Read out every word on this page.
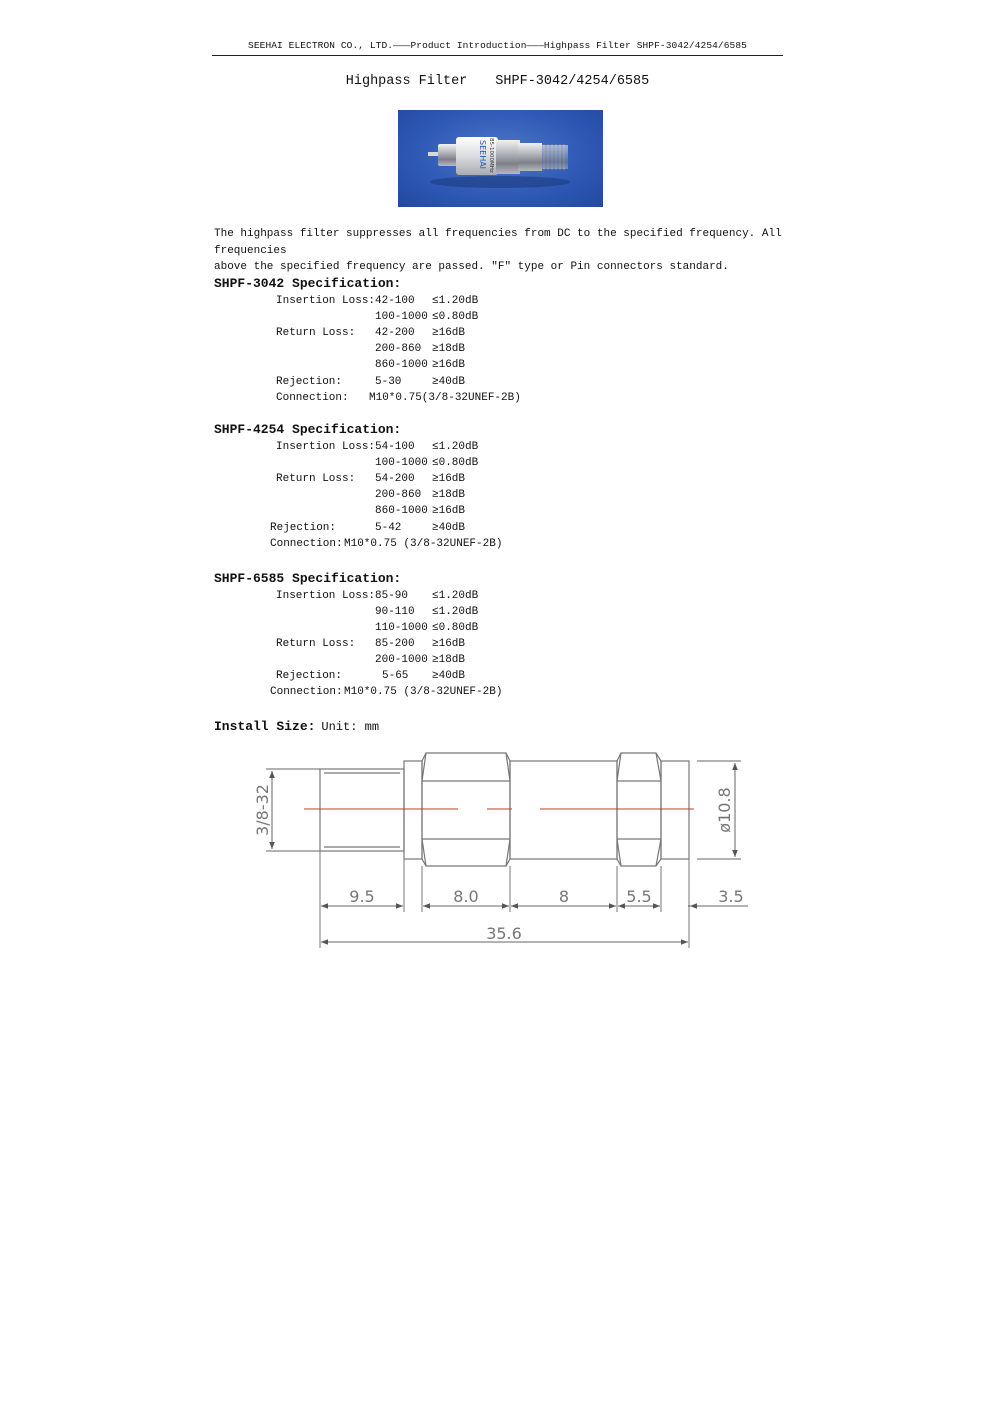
SEEHAI ELECTRON CO., LTD.———Product Introduction———Highpass Filter SHPF-3042/4254/6585
Highpass Filter SHPF-3042/4254/6585
SEEHAI 85-1000MHz
The highpass filter suppresses all frequencies from DC to the specified frequency. All frequencies
above the specified frequency are passed. "F" type or Pin connectors standard.
SHPF-3042 Specification:
Insertion Loss: 42-100 ≤1.20dB
100-1000 ≤0.80dB
Return Loss: 42-200 ≥16dB
200-860 ≥18dB
860-1000 ≥16dB
Rejection:	5-30	≥40dB
Connection: M10*0.75(3/8-32UNEF-2B)
SHPF-4254 Specification:
Insertion Loss: 54-100 ≤1.20dB
100-1000 ≤0.80dB
Return Loss: 54-200 ≥16dB
200-860 ≥18dB
860-1000 ≥16dB
Rejection:	5-42	≥40dB
Connection: M10*0.75 (3/8-32UNEF-2B)
SHPF-6585 Specification:
Insertion Loss: 85-90 ≤1.20dB
90-110 ≤1.20dB
110-1000 ≤0.80dB
Return Loss: 85-200 ≥16dB
200-1000 ≥18dB
Rejection:	5-65 ≥40dB
Connection: M10*0.75 (3/8-32UNEF-2B)
Install Size: Unit: mm
3/8-32	ø10.8
9.5	8.0	8	5.5	3.5
35.6
